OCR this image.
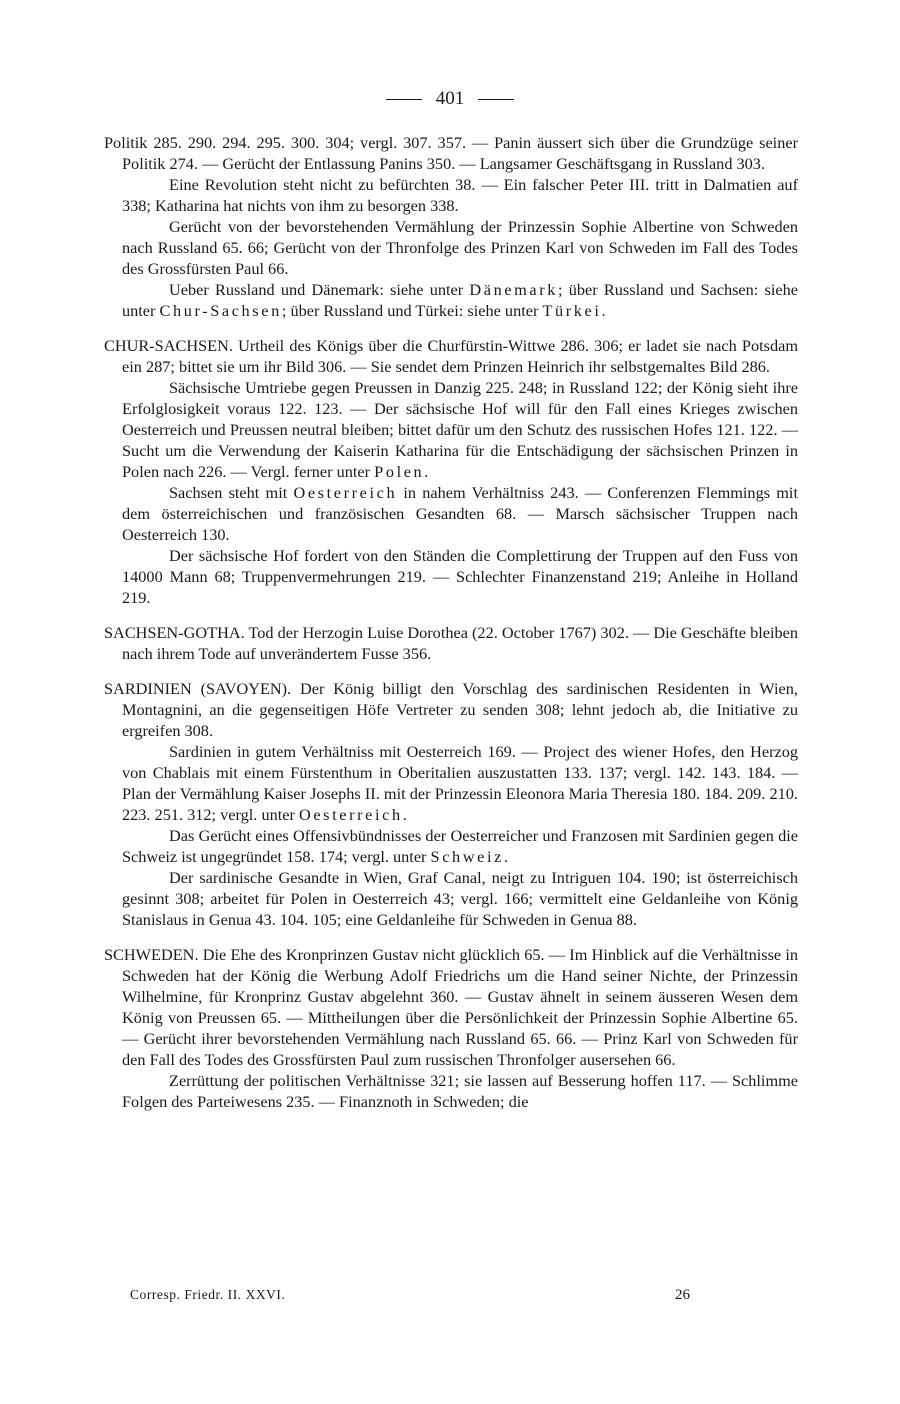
401

Politik 285. 290. 294. 295. 300. 304; vergl. 307. 357. — Panin äussert sich über die Grundzüge seiner Politik 274. — Gerücht der Entlassung Panins 350. — Langsamer Geschäftsgang in Russland 303.

Eine Revolution steht nicht zu befürchten 38. — Ein falscher Peter III. tritt in Dalmatien auf 338; Katharina hat nichts von ihm zu besorgen 338.

Gerücht von der bevorstehenden Vermählung der Prinzessin Sophie Albertine von Schweden nach Russland 65. 66; Gerücht von der Thronfolge des Prinzen Karl von Schweden im Fall des Todes des Grossfürsten Paul 66.

Ueber Russland und Dänemark: siehe unter Dänemark; über Russland und Sachsen: siehe unter Chur-Sachsen; über Russland und Türkei: siehe unter Türkei.

CHUR-SACHSEN. Urtheil des Königs über die Churfürstin-Wittwe 286. 306; er ladet sie nach Potsdam ein 287; bittet sie um ihr Bild 306. — Sie sendet dem Prinzen Heinrich ihr selbstgemaltes Bild 286.

Sächsische Umtriebe gegen Preussen in Danzig 225. 248; in Russland 122; der König sieht ihre Erfolglosigkeit voraus 122. 123. — Der sächsische Hof will für den Fall eines Krieges zwischen Oesterreich und Preussen neutral bleiben; bittet dafür um den Schutz des russischen Hofes 121. 122. — Sucht um die Verwendung der Kaiserin Katharina für die Entschädigung der sächsischen Prinzen in Polen nach 226. — Vergl. ferner unter Polen.

Sachsen steht mit Oesterreich in nahem Verhältniss 243. — Conferenzen Flemmings mit dem österreichischen und französischen Gesandten 68. — Marsch sächsischer Truppen nach Oesterreich 130.

Der sächsische Hof fordert von den Ständen die Complettirung der Truppen auf den Fuss von 14000 Mann 68; Truppenvermehrungen 219. — Schlechter Finanzenstand 219; Anleihe in Holland 219.

SACHSEN-GOTHA. Tod der Herzogin Luise Dorothea (22. October 1767) 302. — Die Geschäfte bleiben nach ihrem Tode auf unverändertem Fusse 356.

SARDINIEN (SAVOYEN). Der König billigt den Vorschlag des sardinischen Residenten in Wien, Montagnini, an die gegenseitigen Höfe Vertreter zu senden 308; lehnt jedoch ab, die Initiative zu ergreifen 308.

Sardinien in gutem Verhältniss mit Oesterreich 169. — Project des wiener Hofes, den Herzog von Chablais mit einem Fürstenthum in Oberitalien auszustatten 133. 137; vergl. 142. 143. 184. — Plan der Vermählung Kaiser Josephs II. mit der Prinzessin Eleonora Maria Theresia 180. 184. 209. 210. 223. 251. 312; vergl. unter Oesterreich.

Das Gerücht eines Offensivbündnisses der Oesterreicher und Franzosen mit Sardinien gegen die Schweiz ist ungegründet 158. 174; vergl. unter Schweiz.

Der sardinische Gesandte in Wien, Graf Canal, neigt zu Intriguen 104. 190; ist österreichisch gesinnt 308; arbeitet für Polen in Oesterreich 43; vergl. 166; vermittelt eine Geldanleihe von König Stanislaus in Genua 43. 104. 105; eine Geldanleihe für Schweden in Genua 88.

SCHWEDEN. Die Ehe des Kronprinzen Gustav nicht glücklich 65. — Im Hinblick auf die Verhältnisse in Schweden hat der König die Werbung Adolf Friedrichs um die Hand seiner Nichte, der Prinzessin Wilhelmine, für Kronprinz Gustav abgelehnt 360. — Gustav ähnelt in seinem äusseren Wesen dem König von Preussen 65. — Mittheilungen über die Persönlichkeit der Prinzessin Sophie Albertine 65. — Gerücht ihrer bevorstehenden Vermählung nach Russland 65. 66. — Prinz Karl von Schweden für den Fall des Todes des Grossfürsten Paul zum russischen Thronfolger ausersehen 66.

Zerrüttung der politischen Verhältnisse 321; sie lassen auf Besserung hoffen 117. — Schlimme Folgen des Parteiwesens 235. — Finanznoth in Schweden; die

Corresp. Friedr. II. XXVI.	26
